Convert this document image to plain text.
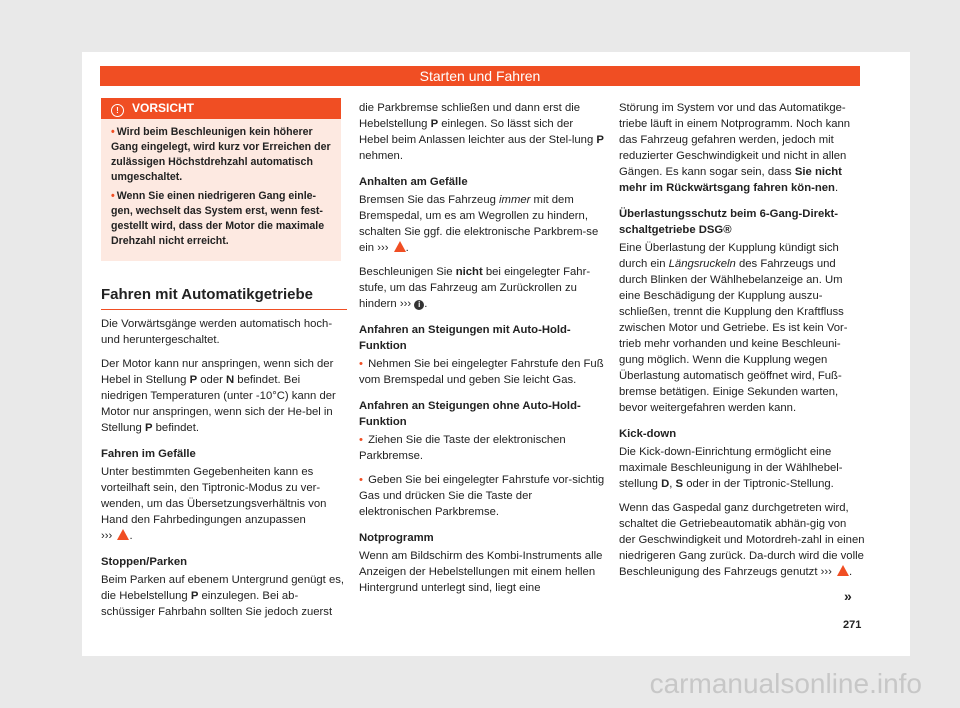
Starten und Fahren
! VORSICHT
• Wird beim Beschleunigen kein höherer Gang eingelegt, wird kurz vor Erreichen der zulässigen Höchstdrehzahl automatisch umgeschaltet.
• Wenn Sie einen niedrigeren Gang einle-gen, wechselt das System erst, wenn fest-gestellt wird, dass der Motor die maximale Drehzahl nicht erreicht.
Fahren mit Automatikgetriebe

Die Vorwärtsgänge werden automatisch hoch- und heruntergeschaltet.

Der Motor kann nur anspringen, wenn sich der Hebel in Stellung P oder N befindet. Bei niedrigen Temperaturen (unter -10°C) kann der Motor nur anspringen, wenn sich der He-bel in Stellung P befindet.

Fahren im Gefälle

Unter bestimmten Gegebenheiten kann es vorteilhaft sein, den Tiptronic-Modus zu ver-wenden, um das Übersetzungsverhältnis von Hand den Fahrbedingungen anzupassen
››› .

Stoppen/Parken

Beim Parken auf ebenem Untergrund genügt es, die Hebelstellung P einzulegen. Bei ab-schüssiger Fahrbahn sollten Sie jedoch zuerst

die Parkbremse schließen und dann erst die Hebelstellung P einlegen. So lässt sich der Hebel beim Anlassen leichter aus der Stel-lung P nehmen.

Anhalten am Gefälle

Bremsen Sie das Fahrzeug immer mit dem Bremspedal, um es am Wegrollen zu hindern, schalten Sie ggf. die elektronische Parkbrem-se ein ››› .

Beschleunigen Sie nicht bei eingelegter Fahr-stufe, um das Fahrzeug am Zurückrollen zu hindern ››› i .

Anfahren an Steigungen mit Auto-Hold-Funktion

• Nehmen Sie bei eingelegter Fahrstufe den Fuß vom Bremspedal und geben Sie leicht Gas.

Anfahren an Steigungen ohne Auto-Hold-Funktion

• Ziehen Sie die Taste der elektronischen Parkbremse.

• Geben Sie bei eingelegter Fahrstufe vor-sichtig Gas und drücken Sie die Taste der elektronischen Parkbremse.

Notprogramm

Wenn am Bildschirm des Kombi-Instruments alle Anzeigen der Hebelstellungen mit einem hellen Hintergrund unterlegt sind, liegt eine

Störung im System vor und das Automatikge-triebe läuft in einem Notprogramm. Noch kann das Fahrzeug gefahren werden, jedoch mit reduzierter Geschwindigkeit und nicht in allen Gängen. Es kann sogar sein, dass Sie nicht mehr im Rückwärtsgang fahren kön-nen.

Überlastungsschutz beim 6-Gang-Direkt-schaltgetriebe DSG®

Eine Überlastung der Kupplung kündigt sich durch ein Längsruckeln des Fahrzeugs und durch Blinken der Wählhebelanzeige an. Um eine Beschädigung der Kupplung auszu-schließen, trennt die Kupplung den Kraftfluss zwischen Motor und Getriebe. Es ist kein Vor-trieb mehr vorhanden und keine Beschleuni-gung möglich. Wenn die Kupplung wegen Überlastung automatisch geöffnet wird, Fuß-bremse betätigen. Einige Sekunden warten, bevor weitergefahren werden kann.

Kick-down

Die Kick-down-Einrichtung ermöglicht eine maximale Beschleunigung in der Wählhebel-stellung D, S oder in der Tiptronic-Stellung.

Wenn das Gaspedal ganz durchgetreten wird, schaltet die Getriebeautomatik abhän-gig von der Geschwindigkeit und Motordreh-zahl in einen niedrigeren Gang zurück. Da-durch wird die volle Beschleunigung des Fahrzeugs genutzt ››› .

»
271
carmanualsonline.info
